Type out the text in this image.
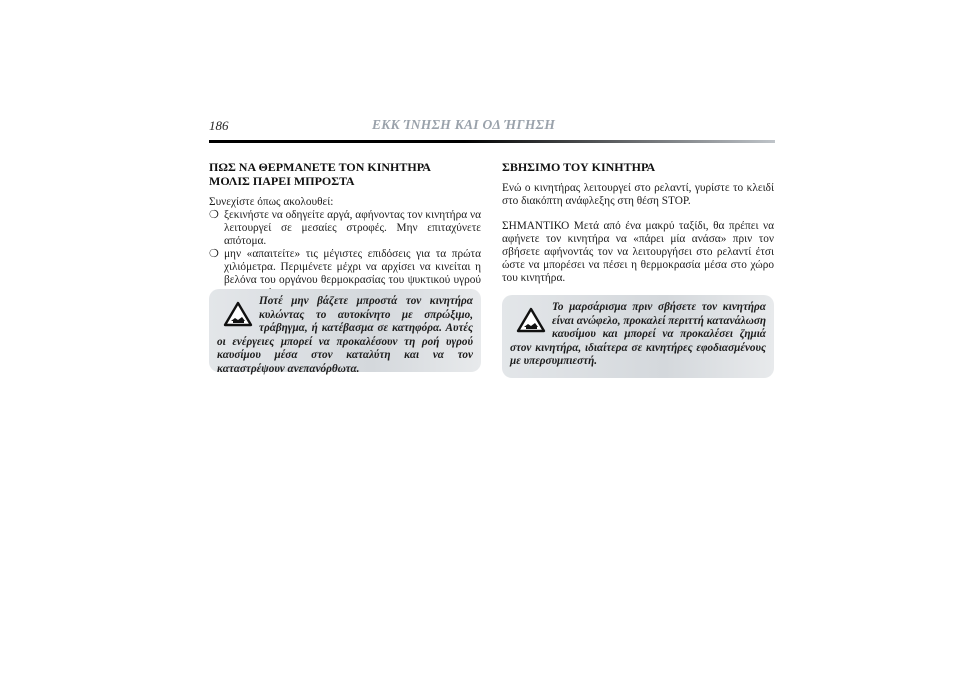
186	ΕΚΚ ΊΝΗΣΗ ΚΑΙ ΟΔ ΉΓΗΣΗ
ΠΩΣ ΝΑ ΘΕΡΜΑΝΕΤΕ ΤΟΝ ΚΙΝΗΤΗΡΑ
ΜΟΛΙΣ ΠΑΡΕΙ ΜΠΡΟΣΤΑ

Συνεχίστε όπως ακολουθεί:

❍ ξεκινήστε να οδηγείτε αργά, αφήνοντας τον κινητήρα να λειτουργεί σε μεσαίες στροφές. Μην επιταχύνετε απότομα.
❍ μην «απαιτείτε» τις μέγιστες επιδόσεις για τα πρώτα χιλιόμετρα. Περιμένετε μέχρι να αρχίσει να κινείται η βελόνα του οργάνου θερμοκρασίας του ψυκτικού υγρού
Ποτέ μην βάζετε μπροστά τον κινητήρα κυλώντας το αυτοκίνητο με σπρώξιμο, τράβηγμα, ή κατέβασμα σε κατηφόρα. Αυτές οι ενέργειες μπορεί να προκαλέσουν τη ροή υγρού καυσίμου μέσα στον καταλύτη και να τον καταστρέψουν ανεπανόρθωτα.
ΣΒΗΣΙΜΟ ΤΟΥ ΚΙΝΗΤΗΡΑ

Ενώ ο κινητήρας λειτουργεί στο ρελαντί, γυρίστε το κλειδί στο διακόπτη ανάφλεξης στη θέση STOP.

ΣΗΜΑΝΤΙΚΟ Μετά από ένα μακρύ ταξίδι, θα πρέπει να αφήνετε τον κινητήρα να «πάρει μία ανάσα» πριν τον σβήσετε αφήνοντάς τον να λειτουργήσει στο ρελαντί έτσι ώστε να μπορέσει να πέσει η θερμοκρασία μέσα στο χώρο του κινητήρα.

Το μαρσάρισμα πριν σβήσετε τον κινητήρα είναι ανώφελο, προκαλεί περιττή κατανάλωση καυσίμου και μπορεί να προκαλέσει ζημιά στον κινητήρα, ιδιαίτερα σε κινητήρες εφοδιασμένους με υπερσυμπιεστή.
